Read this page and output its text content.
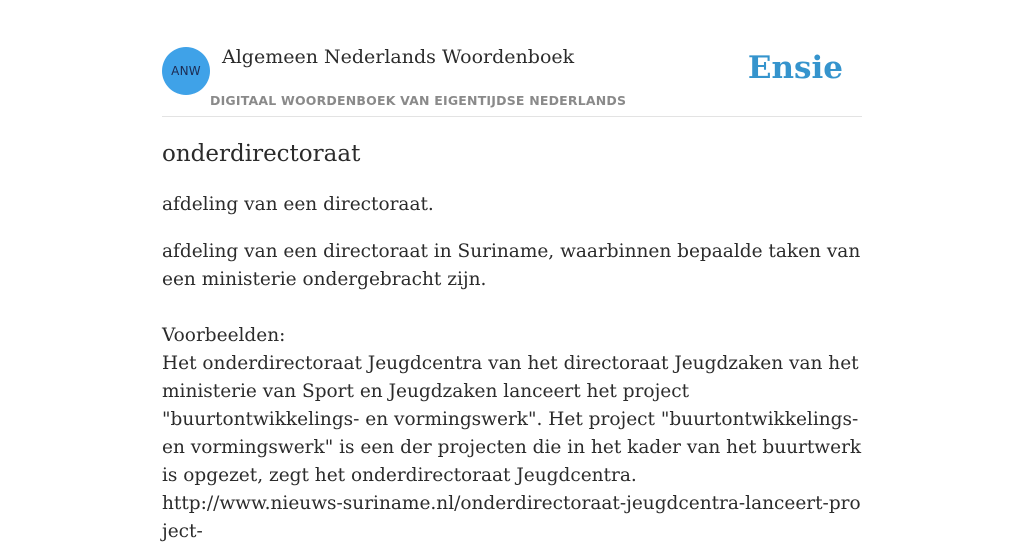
ANW
Algemeen Nederlands Woordenboek
DIGITAAL WOORDENBOEK VAN EIGENTIJDSE NEDERLANDS
Ensie
onderdirectoraat

afdeling van een directoraat.

afdeling van een directoraat in Suriname, waarbinnen bepaalde taken van een ministerie ondergebracht zijn.

Voorbeelden:
Het onderdirectoraat Jeugdcentra van het directoraat Jeugdzaken van het ministerie van Sport en Jeugdzaken lanceert het project "buurtontwikkelings- en vormingswerk". Het project "buurtontwikkelings- en vormingswerk" is een der projecten die in het kader van het buurtwerk is opgezet, zegt het onderdirectoraat Jeugdcentra.
http://www.nieuws-suriname.nl/onderdirectoraat-jeugdcentra-lanceert-project-
